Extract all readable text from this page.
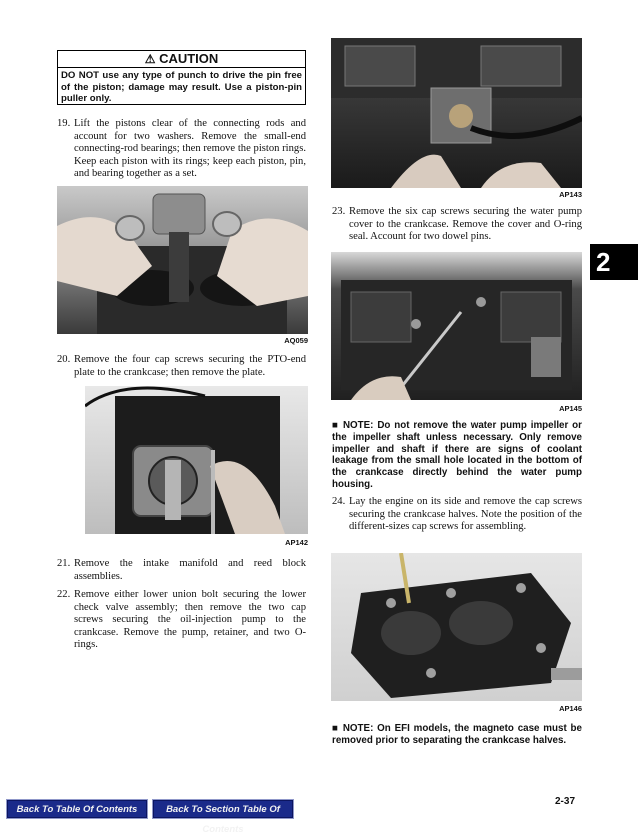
⚠ CAUTION
DO NOT use any type of punch to drive the pin free of the piston; damage may result. Use a piston-pin puller only.
19. Lift the pistons clear of the connecting rods and account for two washers. Remove the small-end connecting-rod bearings; then remove the piston rings. Keep each piston with its rings; keep each piston, pin, and bearing together as a set.
AQ059
20. Remove the four cap screws securing the PTO-end plate to the crankcase; then remove the plate.
AP142
21. Remove the intake manifold and reed block assemblies.
22. Remove either lower union bolt securing the lower check valve assembly; then remove the two cap screws securing the oil-injection pump to the crankcase. Remove the pump, retainer, and two O-rings.
AP143
23. Remove the six cap screws securing the water pump cover to the crankcase. Remove the cover and O-ring seal. Account for two dowel pins.
2
AP145
■ NOTE: Do not remove the water pump impeller or the impeller shaft unless necessary. Only remove impeller and shaft if there are signs of coolant leakage from the small hole located in the bottom of the crankcase directly behind the water pump housing.
24. Lay the engine on its side and remove the cap screws securing the crankcase halves. Note the position of the different-sizes cap screws for assembling.
AP146
■ NOTE: On EFI models, the magneto case must be removed prior to separating the crankcase halves.
2-37
Back To Table Of Contents	Back To Section Table Of Contents
